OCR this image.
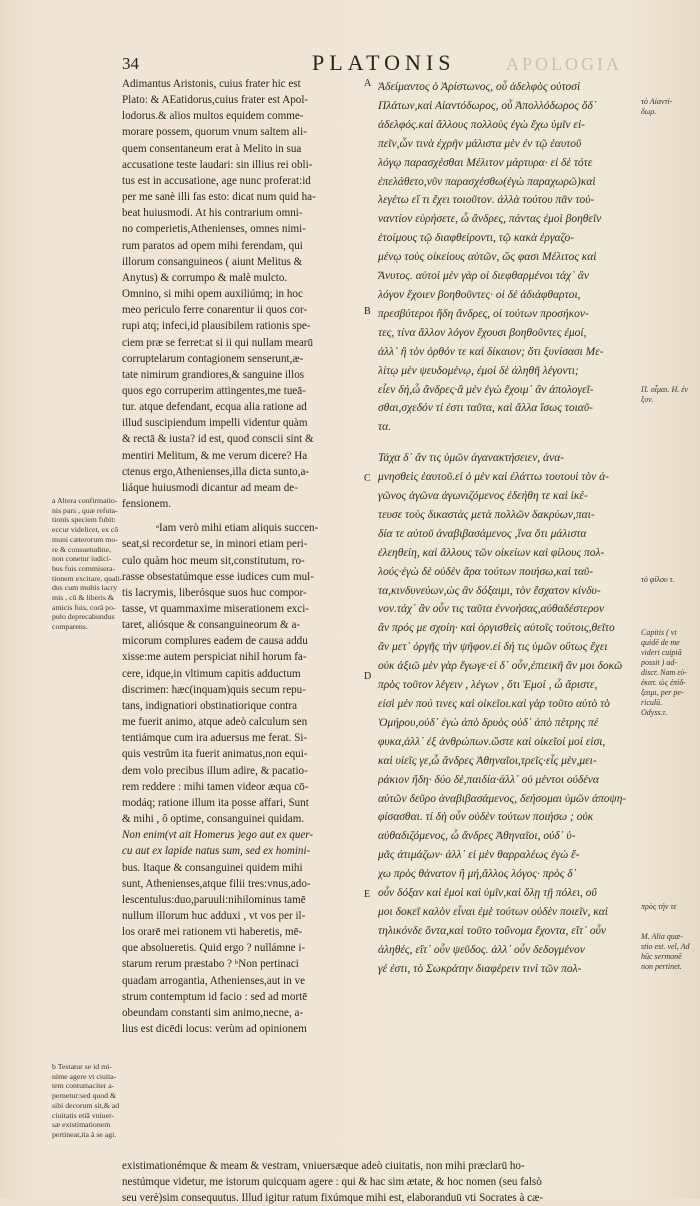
34	PLATONIS	APOLOGIA
A
B
C
D
E
Adimantus Aristonis, cuius frater hic est
Plato: & AEatidorus,cuius frater est Apol-
lodorus.& alios multos equidem comme-
morare possem, quorum vnum saltem ali-
quem consentaneum erat à Melito in sua
accusatione teste laudari: sin illius rei obli-
tus est in accusatione, age nunc proferat:id
per me sanè illi fas esto: dicat num quid ha-
beat huiusmodi. At his contrarium omni-
no comperietis,Athenienses, omnes nimi-
rum paratos ad opem mihi ferendam, qui
illorum consanguineos ( aiunt Melitus &
Anytus) & corrumpo & malè mulcto.
Omnino, si mihi opem auxiliúmq; in hoc
meo periculo ferre conarentur ii quos cor-
rupi atq; infeci,id plausibilem rationis spe-
ciem præ se ferret:at si ii qui nullam mearū
corruptelarum contagionem senserunt,æ-
tate nimirum grandiores,& sanguine illos
quos ego corruperim attingentes,me tueā-
tur. atque defendant, ecqua alia ratione ad
illud suscipiendum impelli videntur quàm
& rectā & iusta? id est, quod conscii sint &
mentiri Melitum, & me verum dicere? Ha
ctenus ergo,Athenienses,illa dicta sunto,a-
liáque huiusmodi dicantur ad meam de-
fensionem.
ᵃIam verò mihi etiam aliquis succen-
seat,si recordetur se, in minori etiam peri-
culo quàm hoc meum sit,constitutum, ro-
rasse obsestatúmque esse iudices cum mul-
tis lacrymis, liberósque suos huc compor-
tasse, vt quammaxime miserationem exci-
taret, aliósque & consanguineorum & a-
micorum complures eadem de causa addu
xisse:me autem perspiciat nihil horum fa-
cere, idque,in vltimum capitis adductum
discrimen: hæc(inquam)quis secum repu-
tans, indignatiori obstinatiorique contra
me fuerit animo, atque adeò calculum sen
tentiámque cum ira aduersus me ferat. Si-
quis vestrûm ita fuerit animatus,non equi-
dem volo precibus illum adire, & pacatio-
rem reddere : mihi tamen videor æqua cō-
modáq; ratione illum ita posse affari, Sunt
& mihi , ô optime, consanguinei quidam.
Non enim(vt ait Homerus )ego aut ex quer-
cu aut ex lapide natus sum, sed ex homini-
bus. Itaque & consanguinei quidem mihi
sunt, Athenienses,atque filii tres:vnus,ado-
lescentulus:duo,paruuli:nihilominus tamē
nullum illorum huc adduxi , vt vos per il-
los orarē mei rationem vti haberetis, mē-
que absolueretis. Quid ergo ? nullámne i-
starum rerum præstabo ? ᵇNon pertinaci
quadam arrogantia, Athenienses,aut in ve
strum contemptum id facio : sed ad mortē
obeundam constanti sim animo,necne, a-
lius est dicēdi locus: verùm ad opinionem
Ἀδείμαντος ὁ Ἀρίστωνος, οὗ ἀδελφὸς οὑτοσὶ
Πλάτων,καὶ Αἰαντόδωρος, οὗ Ἀπολλόδωρος ὅδ᾽
ἀδελφός.καὶ ἄλλους πολλοὺς ἐγὼ ἔχω ὑμῖν εἰ-
πεῖν,ὧν τινὰ ἐχρῆν μάλιστα μὲν ἐν τῷ ἑαυτοῦ
λόγῳ παρασχέσθαι Μέλιτον μάρτυρα· εἰ δὲ τότε
ἐπελάθετο,νῦν παρασχέσθω(ἐγὼ παραχωρῶ)καὶ
λεγέτω εἴ τι ἔχει τοιοῦτον. ἀλλὰ τούτου πᾶν τοὐ-
ναντίον εὑρήσετε, ὦ ἄνδρες, πάντας ἐμοὶ βοηθεῖν
ἑτοίμους τῷ διαφθείροντι, τῷ κακὰ ἐργαζο-
μένῳ τοὺς οἰκείους αὐτῶν, ὥς φασι Μέλιτος καὶ
Ἄνυτος. αὐτοὶ μὲν γὰρ οἱ διεφθαρμένοι τάχ᾽ ἂν
λόγον ἔχοιεν βοηθοῦντες· οἱ δὲ ἀδιάφθαρτοι,
πρεσβύτεροι ἤδη ἄνδρες, οἱ τούτων προσήκον-
τες, τίνα ἄλλον λόγον ἔχουσι βοηθοῦντες ἐμοί,
ἀλλ᾽ ἢ τὸν ὀρθόν τε καὶ δίκαιον; ὅτι ξυνίσασι Με-
λίτῳ μὲν ψευδομένῳ, ἐμοὶ δὲ ἀληθῆ λέγοντι;
εἶεν δή,ὦ ἄνδρες·ἃ μὲν ἐγὼ ἔχοιμ᾽ ἂν ἀπολογεῖ-
σθαι,σχεδόν τί ἐστι ταῦτα, καὶ ἄλλα ἴσως τοιαῦ-
τα.
Τάχα δ᾽ ἄν τις ὑμῶν ἀγανακτήσειεν, ἀνα-
μνησθεὶς ἑαυτοῦ.εἰ ὁ μὲν καὶ ἐλάττω τουτουὶ τὸν ἀ-
γῶνος ἀγῶνα ἀγωνιζόμενος ἐδεήθη τε καὶ ἱκέ-
τευσε τοὺς δικαστὰς μετὰ πολλῶν δακρύων,παι-
δία τε αὑτοῦ ἀναβιβασάμενος ,ἵνα ὅτι μάλιστα
ἐλεηθείη, καὶ ἄλλους τῶν οἰκείων καὶ φίλους πολ-
λούς·ἐγὼ δὲ οὐδὲν ἄρα τούτων ποιήσω,καὶ ταῦ-
τα,κινδυνεύων,ὡς ἂν δόξαιμι, τὸν ἔσχατον κίνδυ-
νον.τάχ᾽ ἂν οὖν τις ταῦτα ἐννοήσας,αὐθαδέστερον
ἂν πρός με σχοίη· καὶ ὀργισθεὶς αὐτοῖς τούτοις,θεῖτο
ἂν μετ᾽ ὀργῆς τὴν ψῆφον.εἰ δή τις ὑμῶν οὕτως ἔχει
οὐκ ἀξιῶ μὲν γὰρ ἔγωγε·εἰ δ᾽ οὖν,ἐπιεικῆ ἄν μοι δοκῶ
πρὸς τοῦτον λέγειν , λέγων , ὅτι Ἐμοί , ὦ ἄριστε,
εἰσὶ μέν πού τινες καὶ οἰκεῖοι.καὶ γὰρ τοῦτο αὐτὸ τὸ
Ὁμήρου,οὐδ᾽ ἐγὼ ἀπὸ δρυὸς οὐδ᾽ ἀπὸ πέτρης πέ
φυκα,ἀλλ᾽ ἐξ ἀνθρώπων.ὥστε καὶ οἰκεῖοί μοί εἰσι,
καὶ υἱεῖς γε,ὦ ἄνδρες Ἀθηναῖοι,τρεῖς·εἷς μὲν,μει-
ράκιον ἤδη· δύο δὲ,παιδία·ἀλλ᾽ οὐ μέντοι οὐδένα
αὐτῶν δεῦρο ἀναβιβασάμενος, δεήσομαι ὑμῶν ἀποψη-
φίσασθαι. τί δὴ οὖν οὐδὲν τούτων ποιήσω ; οὐκ
αὐθαδιζόμενος, ὦ ἄνδρες Ἀθηναῖοι, οὐδ᾽ ὑ-
μᾶς ἀτιμάζων· ἀλλ᾽ εἰ μὲν θαρραλέως ἐγὼ ἔ-
χω πρὸς θάνατον ἢ μή,ἄλλος λόγος· πρὸς δ᾽
οὖν δόξαν καὶ ἐμοὶ καὶ ὑμῖν,καὶ ὅλῃ τῇ πόλει, οὔ
μοι δοκεῖ καλὸν εἶναι ἐμὲ τούτων οὐδὲν ποιεῖν, καὶ
τηλικόνδε ὄντα,καὶ τοῦτο τοὔνομα ἔχοντα, εἴτ᾽ οὖν
ἀληθές, εἴτ᾽ οὖν ψεῦδος. ἀλλ᾽ οὖν δεδογμένον
γέ ἐστι, τὸ Σωκράτην διαφέρειν τινὶ τῶν πολ-
a Altera confirmatio-
nis pars , quæ refuta-
tionis speciem fubit:
eccur videlicet, ex cō
muni cæterorum mo-
re & consuetudine,
non conetur iudici-
bus fuis commisera-
tionem excitare, quali-
dus cum multis lacry
mis , cū & liberis &
amicis fuis, corā po-
pulo deprecabundus
comparens.
b Testatur se id mi-
nime agere vt ciuita-
tem contumaciter a-
pernetur:sed quod &
sibi decorum sit,& ad
ciuitatis etiā vniuer-
sæ existimationem
pertineat,ita à se agi.
τὸ Αἰαντί-
δωρ.
Π. οἶμαι. Η. ἐν
ξυν.
τὸ φίλου τ.
Capitis ( vt
quidē de me
videri cuipiā
possit ) ad-
discr. Nam εὐ-
ἐκατ. ὡς ἐπὶδ-
ξαιμι, per pe-
riculū.
Odyss.τ.
πρὸς τήν τε
M. Alia quæ-
stio est. vel, Ad
hūc sermonē
non pertinet.
existimationémque & meam & vestram, vniuersæque adeò ciuitatis, non mihi præclarū ho-
nestúmque videtur, me istorum quicquam agere : qui & hac sim ætate, & hoc nomen (seu falsò
seu verè)sim consequutus. Illud igitur ratum fixúmque mihi est, elaboranduū vti Socrates à cæ-
